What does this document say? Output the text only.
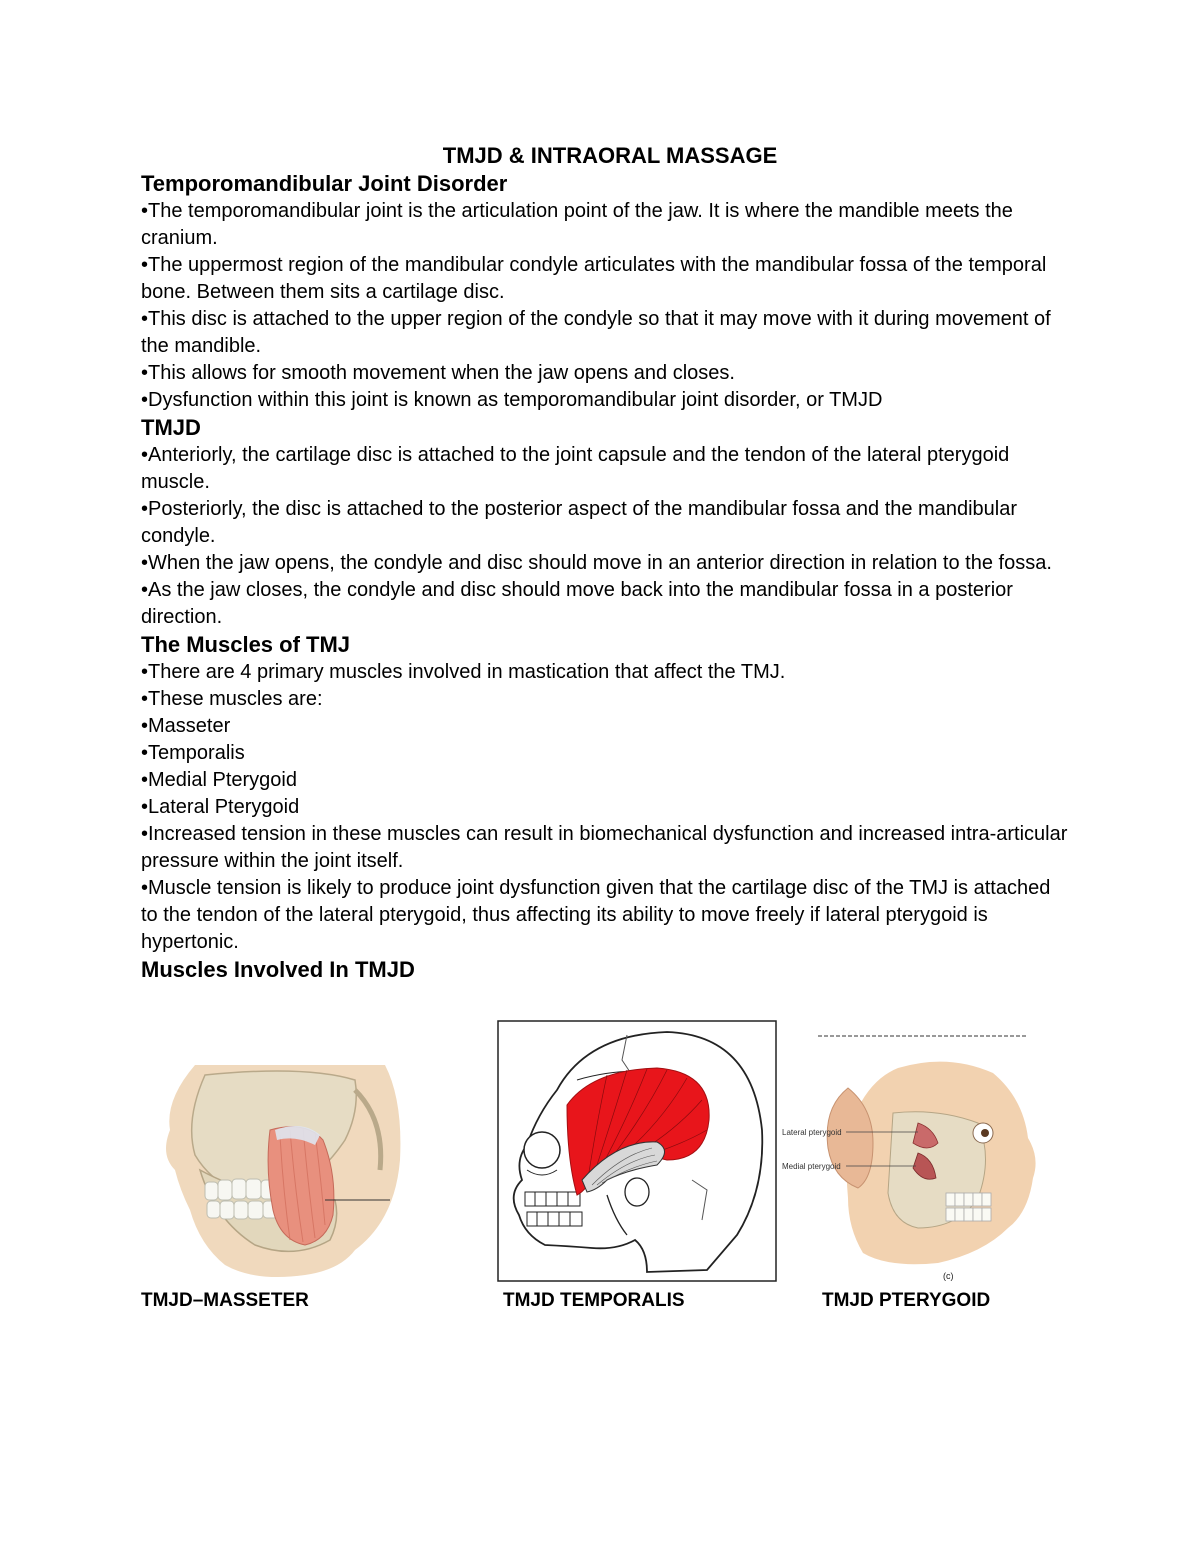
TMJD & INTRAORAL MASSAGE
Temporomandibular Joint Disorder

•The temporomandibular joint is the articulation point of the jaw. It is where the mandible meets the cranium.

•The uppermost region of the mandibular condyle articulates with the mandibular fossa of the temporal bone. Between them sits a cartilage disc.

•This disc is attached to the upper region of the condyle so that it may move with it during movement of the mandible.

•This allows for smooth movement when the jaw opens and closes.

•Dysfunction within this joint is known as temporomandibular joint disorder, or TMJD

TMJD

•Anteriorly, the cartilage disc is attached to the joint capsule and the tendon of the lateral pterygoid muscle.

•Posteriorly, the disc is attached to the posterior aspect of the mandibular fossa and the mandibular condyle.

•When the jaw opens, the condyle and disc should move in an anterior direction in relation to the fossa.

•As the jaw closes, the condyle and disc should move back into the mandibular fossa in a posterior direction.

The Muscles of TMJ

•There are 4 primary muscles involved in mastication that affect the TMJ.

•These muscles are:

•Masseter

•Temporalis

•Medial Pterygoid

•Lateral Pterygoid

•Increased tension in these muscles can result in biomechanical dysfunction and increased intra-articular pressure within the joint itself.

•Muscle tension is likely to produce joint dysfunction given that the cartilage disc of the TMJ is attached to the tendon of the lateral pterygoid, thus affecting its ability to move freely if lateral pterygoid is hypertonic.

Muscles Involved In TMJD
Lateral pterygoid
Medial pterygoid
(c)
TMJD–MASSETER	TMJD TEMPORALIS	TMJD PTERYGOID
